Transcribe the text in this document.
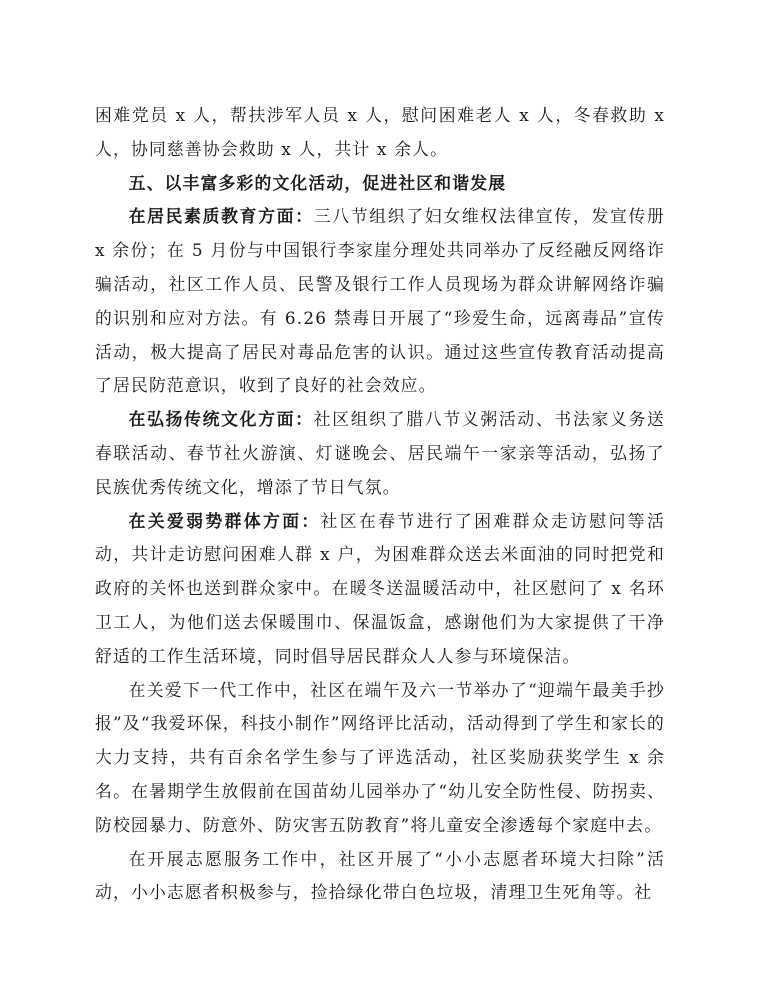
困难党员 x 人，帮扶涉军人员 x 人，慰问困难老人 x 人，冬春救助 x 人，协同慈善协会救助 x 人，共计 x 余人。

五、以丰富多彩的文化活动，促进社区和谐发展

在居民素质教育方面：三八节组织了妇女维权法律宣传，发宣传册 x 余份；在 5 月份与中国银行李家崖分理处共同举办了反经融反网络诈骗活动，社区工作人员、民警及银行工作人员现场为群众讲解网络诈骗的识别和应对方法。有 6.26 禁毒日开展了“珍爱生命，远离毒品”宣传活动，极大提高了居民对毒品危害的认识。通过这些宣传教育活动提高了居民防范意识，收到了良好的社会效应。

在弘扬传统文化方面：社区组织了腊八节义粥活动、书法家义务送春联活动、春节社火游演、灯谜晚会、居民端午一家亲等活动，弘扬了民族优秀传统文化，增添了节日气氛。

在关爱弱势群体方面：社区在春节进行了困难群众走访慰问等活动，共计走访慰问困难人群 x 户，为困难群众送去米面油的同时把党和政府的关怀也送到群众家中。在暖冬送温暖活动中，社区慰问了 x 名环卫工人，为他们送去保暖围巾、保温饭盒，感谢他们为大家提供了干净舒适的工作生活环境，同时倡导居民群众人人参与环境保洁。

在关爱下一代工作中，社区在端午及六一节举办了“迎端午最美手抄报”及“我爱环保，科技小制作”网络评比活动，活动得到了学生和家长的大力支持，共有百余名学生参与了评选活动，社区奖励获奖学生 x 余名。在暑期学生放假前在国苗幼儿园举办了“幼儿安全防性侵、防拐卖、防校园暴力、防意外、防灾害五防教育”将儿童安全渗透每个家庭中去。

在开展志愿服务工作中，社区开展了“小小志愿者环境大扫除”活动，小小志愿者积极参与，捡拾绿化带白色垃圾，清理卫生死角等。社
